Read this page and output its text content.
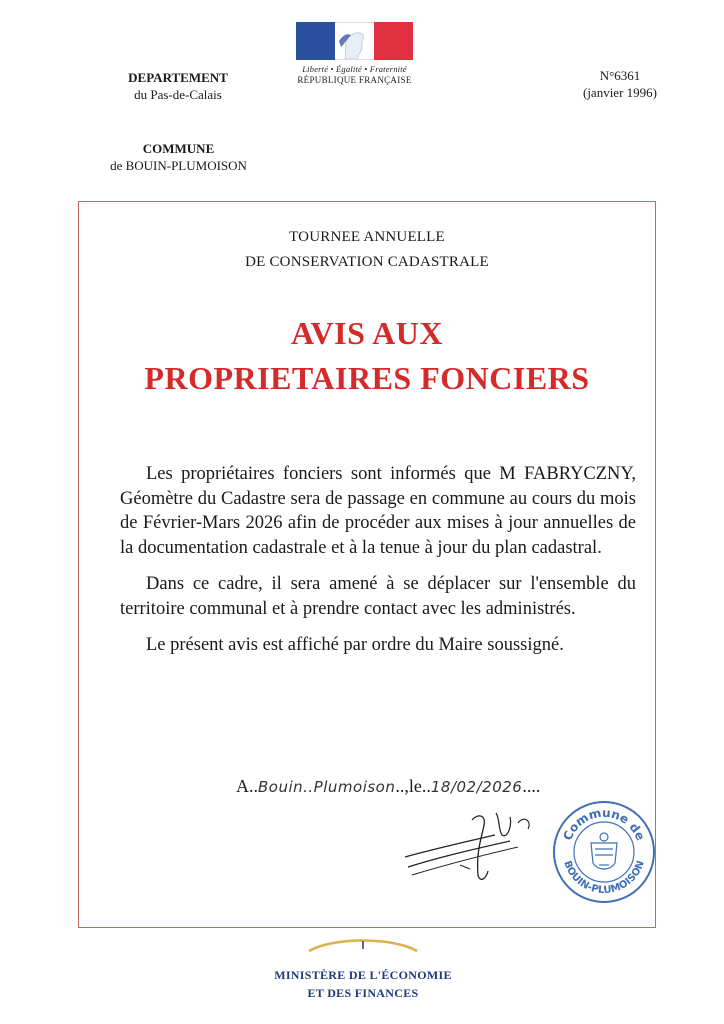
Liberté • Égalité • Fraternité
RÉPUBLIQUE FRANÇAISE
DEPARTEMENT
du Pas-de-Calais
COMMUNE
de BOUIN-PLUMOISON
N°6361
(janvier 1996)
TOURNEE ANNUELLE
DE CONSERVATION CADASTRALE
AVIS AUX
PROPRIETAIRES FONCIERS

Les propriétaires fonciers sont informés que M FABRYCZNY, Géomètre du Cadastre sera de passage en commune au cours du mois de Février-Mars 2026 afin de procéder aux mises à jour annuelles de la documentation cadastrale et à la tenue à jour du plan cadastral.

Dans ce cadre, il sera amené à se déplacer sur l'ensemble du territoire communal et à prendre contact avec les administrés.

Le présent avis est affiché par ordre du Maire soussigné.

A..Bouin..Plumoison..,le..18/02/2026....
Commune de
BOUIN-PLUMOISON
MINISTÈRE DE L'ÉCONOMIE
ET DES FINANCES
